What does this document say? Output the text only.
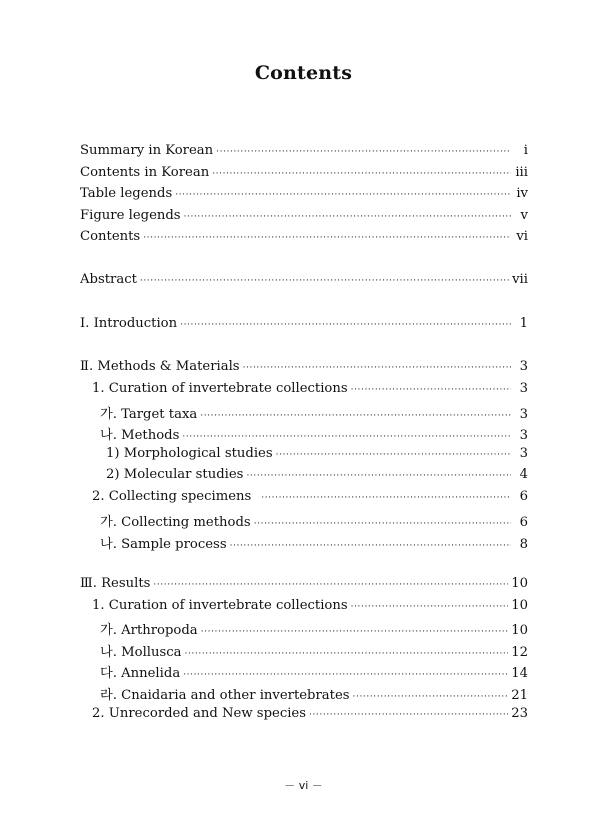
Contents
Summary in Korean ·····	i
Contents in Korean ·····	iii
Table legends ·····	iv
Figure legends ·····	v
Contents ·····	vi
Abstract ·····	vii
Ⅰ. Introduction ·····	1
Ⅱ. Methods & Materials ·····	3
1. Curation of invertebrate collections ·····	3
가. Target taxa ·····	3
나. Methods ·····	3
1) Morphological studies ·····	3
2) Molecular studies ·····	4
2. Collecting specimens ·····	6
가. Collecting methods ·····	6
나. Sample process ·····	8
Ⅲ. Results ·····	10
1. Curation of invertebrate collections ·····	10
가. Arthropoda ·····	10
나. Mollusca ·····	12
다. Annelida ·····	14
라. Cnaidaria and other invertebrates ·····	21
2. Unrecorded and New species ·····	23
－ vi －
